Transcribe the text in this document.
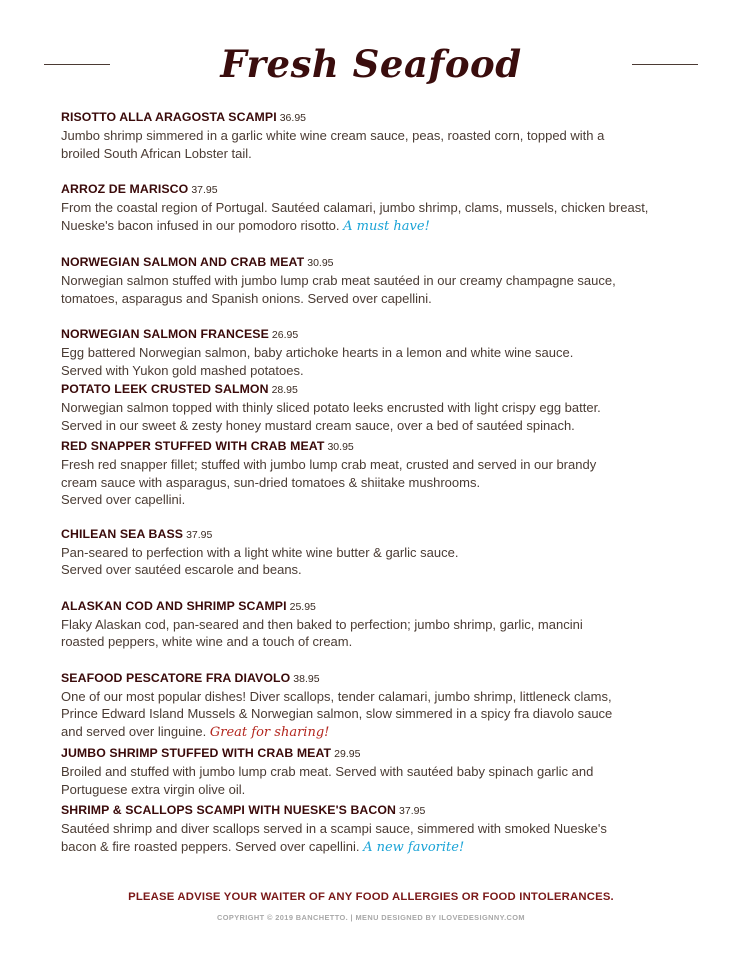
Fresh Seafood
RISOTTO ALLA ARAGOSTA SCAMPI 36.95
Jumbo shrimp simmered in a garlic white wine cream sauce, peas, roasted corn, topped with a
broiled South African Lobster tail.
ARROZ DE MARISCO 37.95
From the coastal region of Portugal. Sautéed calamari, jumbo shrimp, clams, mussels, chicken breast,
Nueske's bacon infused in our pomodoro risotto. A must have!
NORWEGIAN SALMON AND CRAB MEAT 30.95
Norwegian salmon stuffed with jumbo lump crab meat sautéed in our creamy champagne sauce,
tomatoes, asparagus and Spanish onions. Served over capellini.
NORWEGIAN SALMON FRANCESE 26.95
Egg battered Norwegian salmon, baby artichoke hearts in a lemon and white wine sauce.
Served with Yukon gold mashed potatoes.
POTATO LEEK CRUSTED SALMON 28.95
Norwegian salmon topped with thinly sliced potato leeks encrusted with light crispy egg batter.
Served in our sweet & zesty honey mustard cream sauce, over a bed of sautéed spinach.
RED SNAPPER STUFFED WITH CRAB MEAT 30.95
Fresh red snapper fillet; stuffed with jumbo lump crab meat, crusted and served in our brandy
cream sauce with asparagus, sun-dried tomatoes & shiitake mushrooms.
Served over capellini.
CHILEAN SEA BASS 37.95
Pan-seared to perfection with a light white wine butter & garlic sauce.
Served over sautéed escarole and beans.
ALASKAN COD AND SHRIMP SCAMPI 25.95
Flaky Alaskan cod, pan-seared and then baked to perfection; jumbo shrimp, garlic, mancini
roasted peppers, white wine and a touch of cream.
SEAFOOD PESCATORE FRA DIAVOLO 38.95
One of our most popular dishes! Diver scallops, tender calamari, jumbo shrimp, littleneck clams,
Prince Edward Island Mussels & Norwegian salmon, slow simmered in a spicy fra diavolo sauce
and served over linguine. Great for sharing!
JUMBO SHRIMP STUFFED WITH CRAB MEAT 29.95
Broiled and stuffed with jumbo lump crab meat. Served with sautéed baby spinach garlic and
Portuguese extra virgin olive oil.
SHRIMP & SCALLOPS SCAMPI WITH NUESKE'S BACON 37.95
Sautéed shrimp and diver scallops served in a scampi sauce, simmered with smoked Nueske's
bacon & fire roasted peppers. Served over capellini. A new favorite!
PLEASE ADVISE YOUR WAITER OF ANY FOOD ALLERGIES OR FOOD INTOLERANCES.
COPYRIGHT © 2019 BANCHETTO. | MENU DESIGNED BY ILOVEDESIGNNY.COM
